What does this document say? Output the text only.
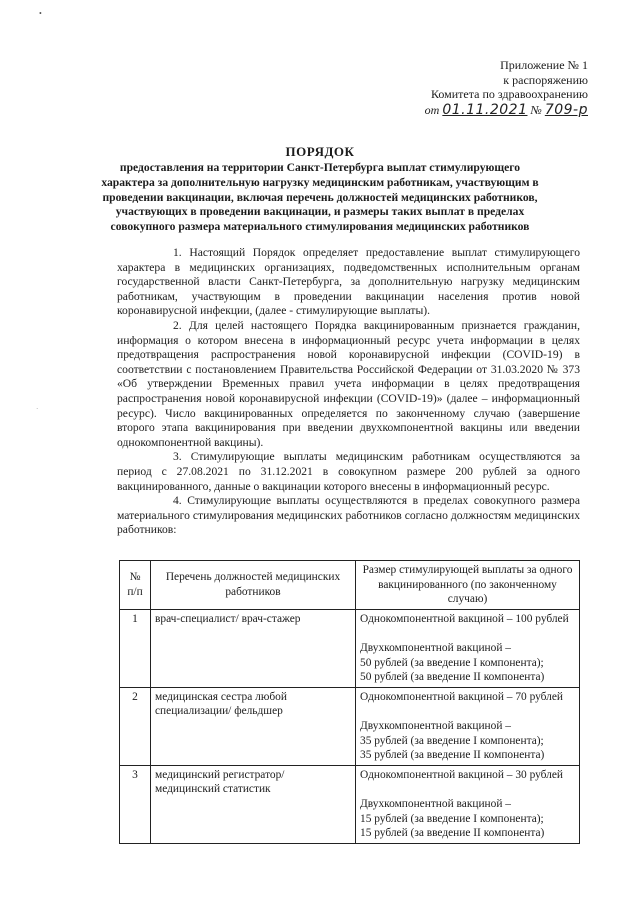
•
·
Приложение № 1
к распоряжению
Комитета по здравоохранению
от 01.11.2021 № 709-р
ПОРЯДОК
предоставления на территории Санкт-Петербурга выплат стимулирующего характера за дополнительную нагрузку медицинским работникам, участвующим в проведении вакцинации, включая перечень должностей медицинских работников, участвующих в проведении вакцинации, и размеры таких выплат в пределах совокупного размера материального стимулирования медицинских работников

1. Настоящий Порядок определяет предоставление выплат стимулирующего характера в медицинских организациях, подведомственных исполнительным органам государственной власти Санкт-Петербурга, за дополнительную нагрузку медицинским работникам, участвующим в проведении вакцинации населения против новой коронавирусной инфекции, (далее - стимулирующие выплаты).

2. Для целей настоящего Порядка вакцинированным признается гражданин, информация о котором внесена в информационный ресурс учета информации в целях предотвращения распространения новой коронавирусной инфекции (COVID-19) в соответствии с постановлением Правительства Российской Федерации от 31.03.2020 № 373 «Об утверждении Временных правил учета информации в целях предотвращения распространения новой коронавирусной инфекции (COVID-19)» (далее – информационный ресурс). Число вакцинированных определяется по законченному случаю (завершение второго этапа вакцинирования при введении двухкомпонентной вакцины или введении однокомпонентной вакцины).

3. Стимулирующие выплаты медицинским работникам осуществляются за период с 27.08.2021 по 31.12.2021 в совокупном размере 200 рублей за одного вакцинированного, данные о вакцинации которого внесены в информационный ресурс.

4. Стимулирующие выплаты осуществляются в пределах совокупного размера материального стимулирования медицинских работников согласно должностям медицинских работников:

№ п/п	Перечень должностей медицинских работников	Размер стимулирующей выплаты за одного вакцинированного (по законченному случаю)
1	врач-специалист/ врач-стажер	Однокомпонентной вакциной – 100 рублей
Двухкомпонентной вакциной –
50 рублей (за введение I компонента);
50 рублей (за введение II компонента)

2	медицинская сестра любой специализации/ фельдшер	Однокомпонентной вакциной – 70 рублей
Двухкомпонентной вакциной –
35 рублей (за введение I компонента);
35 рублей (за введение II компонента)

3	медицинский регистратор/ медицинский статистик	Однокомпонентной вакциной – 30 рублей
Двухкомпонентной вакциной –
15 рублей (за введение I компонента);
15 рублей (за введение II компонента)
